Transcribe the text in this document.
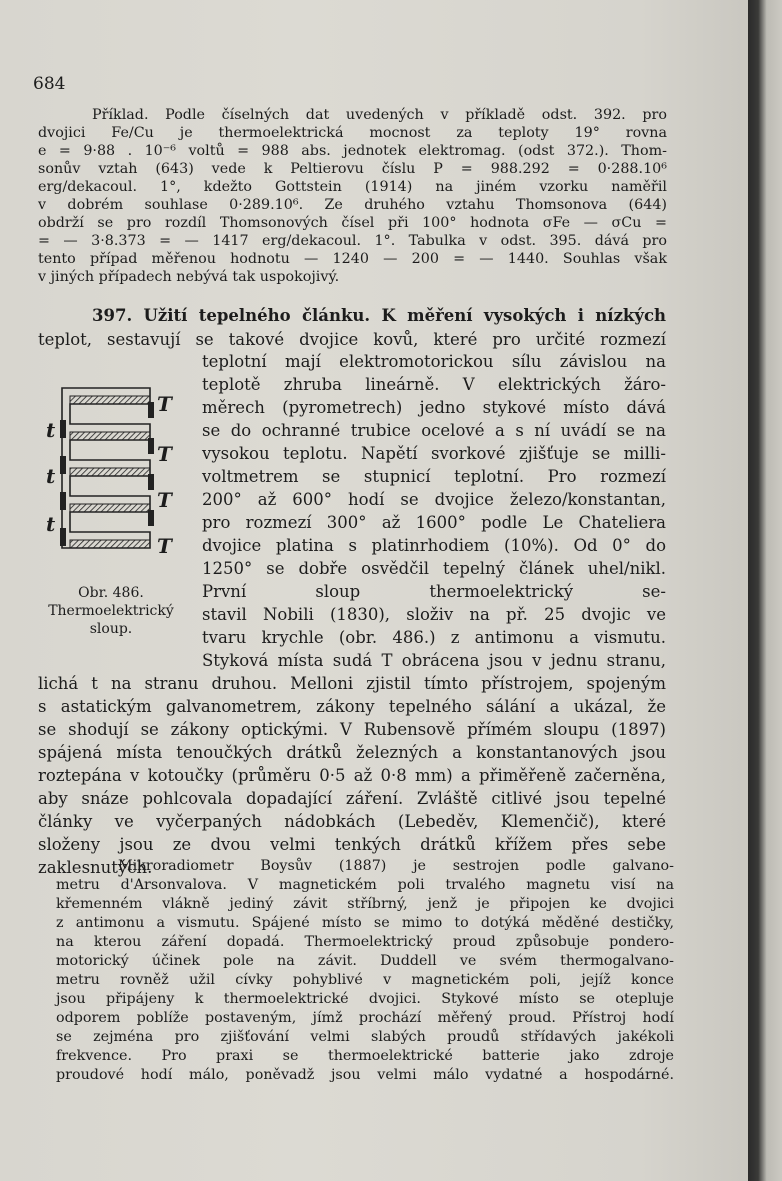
684
Příklad. Podle číselných dat uvedených v příkladě odst. 392. pro
dvojici Fe/Cu je thermoelektrická mocnost za teploty 19° rovna
e = 9·88 . 10⁻⁶ voltů = 988 abs. jednotek elektromag. (odst 372.). Thom-
sonův vztah (643) vede k Peltierovu číslu P = 988.292 = 0·288.10⁶
erg/dekacoul. 1°, kdežto Gottstein (1914) na jiném vzorku naměřil
v dobrém souhlase 0·289.10⁶. Ze druhého vztahu Thomsonova (644)
obdrží se pro rozdíl Thomsonových čísel při 100° hodnota σFe — σCu =
= — 3·8.373 = — 1417 erg/dekacoul. 1°. Tabulka v odst. 395. dává pro
tento případ měřenou hodnotu — 1240 — 200 = — 1440. Souhlas však
v jiných případech nebývá tak uspokojivý.
397. Užití tepelného článku. K měření vysokých i nízkých
teplot, sestavují se takové dvojice kovů, které pro určité rozmezí
teplotní mají elektromotorickou sílu závislou na
teplotě zhruba lineárně. V elektrických žáro-
měrech (pyrometrech) jedno stykové místo dává
se do ochranné trubice ocelové a s ní uvádí se na
vysokou teplotu. Napětí svorkové zjišťuje se milli-
voltmetrem se stupnicí teplotní. Pro rozmezí
200° až 600° hodí se dvojice železo/konstantan,
pro rozmezí 300° až 1600° podle Le Chateliera
dvojice platina s platinrhodiem (10%). Od 0° do
1250° se dobře osvědčil tepelný článek uhel/nikl.
První sloup thermoelektrický se-
stavil Nobili (1830), složiv na př. 25 dvojic ve
tvaru krychle (obr. 486.) z antimonu a vismutu.
Styková místa sudá T obrácena jsou v jednu stranu,
lichá t na stranu druhou. Melloni zjistil tímto přístrojem, spojeným
s astatickým galvanometrem, zákony tepelného sálání a ukázal, že
se shodují se zákony optickými. V Rubensově přímém sloupu (1897)
spájená místa tenoučkých drátků železných a konstantanových jsou
roztepána v kotoučky (průměru 0·5 až 0·8 mm) a přiměřeně začerněna,
aby snáze pohlcovala dopadající záření. Zvláště citlivé jsou tepelné
články ve vyčerpaných nádobkách (Lebeděv, Klemenčič), které
složeny jsou ze dvou velmi tenkých drátků křížem přes sebe
zaklesnutých.
T
T
T
T
t
t
t
Obr. 486.
Thermoelektrický
sloup.
Mikroradiometr Boysův (1887) je sestrojen podle galvano-
metru d'Arsonvalova. V magnetickém poli trvalého magnetu visí na
křemenném vlákně jediný závit stříbrný, jenž je připojen ke dvojici
z antimonu a vismutu. Spájené místo se mimo to dotýká měděné destičky,
na kterou záření dopadá. Thermoelektrický proud způsobuje pondero-
motorický účinek pole na závit. Duddell ve svém thermogalvano-
metru rovněž užil cívky pohyblivé v magnetickém poli, jejíž konce
jsou připájeny k thermoelektrické dvojici. Stykové místo se otepluje
odporem poblíže postaveným, jímž prochází měřený proud. Přístroj hodí
se zejména pro zjišťování velmi slabých proudů střídavých jakékoli
frekvence. Pro praxi se thermoelektrické batterie jako zdroje
proudové hodí málo, poněvadž jsou velmi málo vydatné a hospodárné.
